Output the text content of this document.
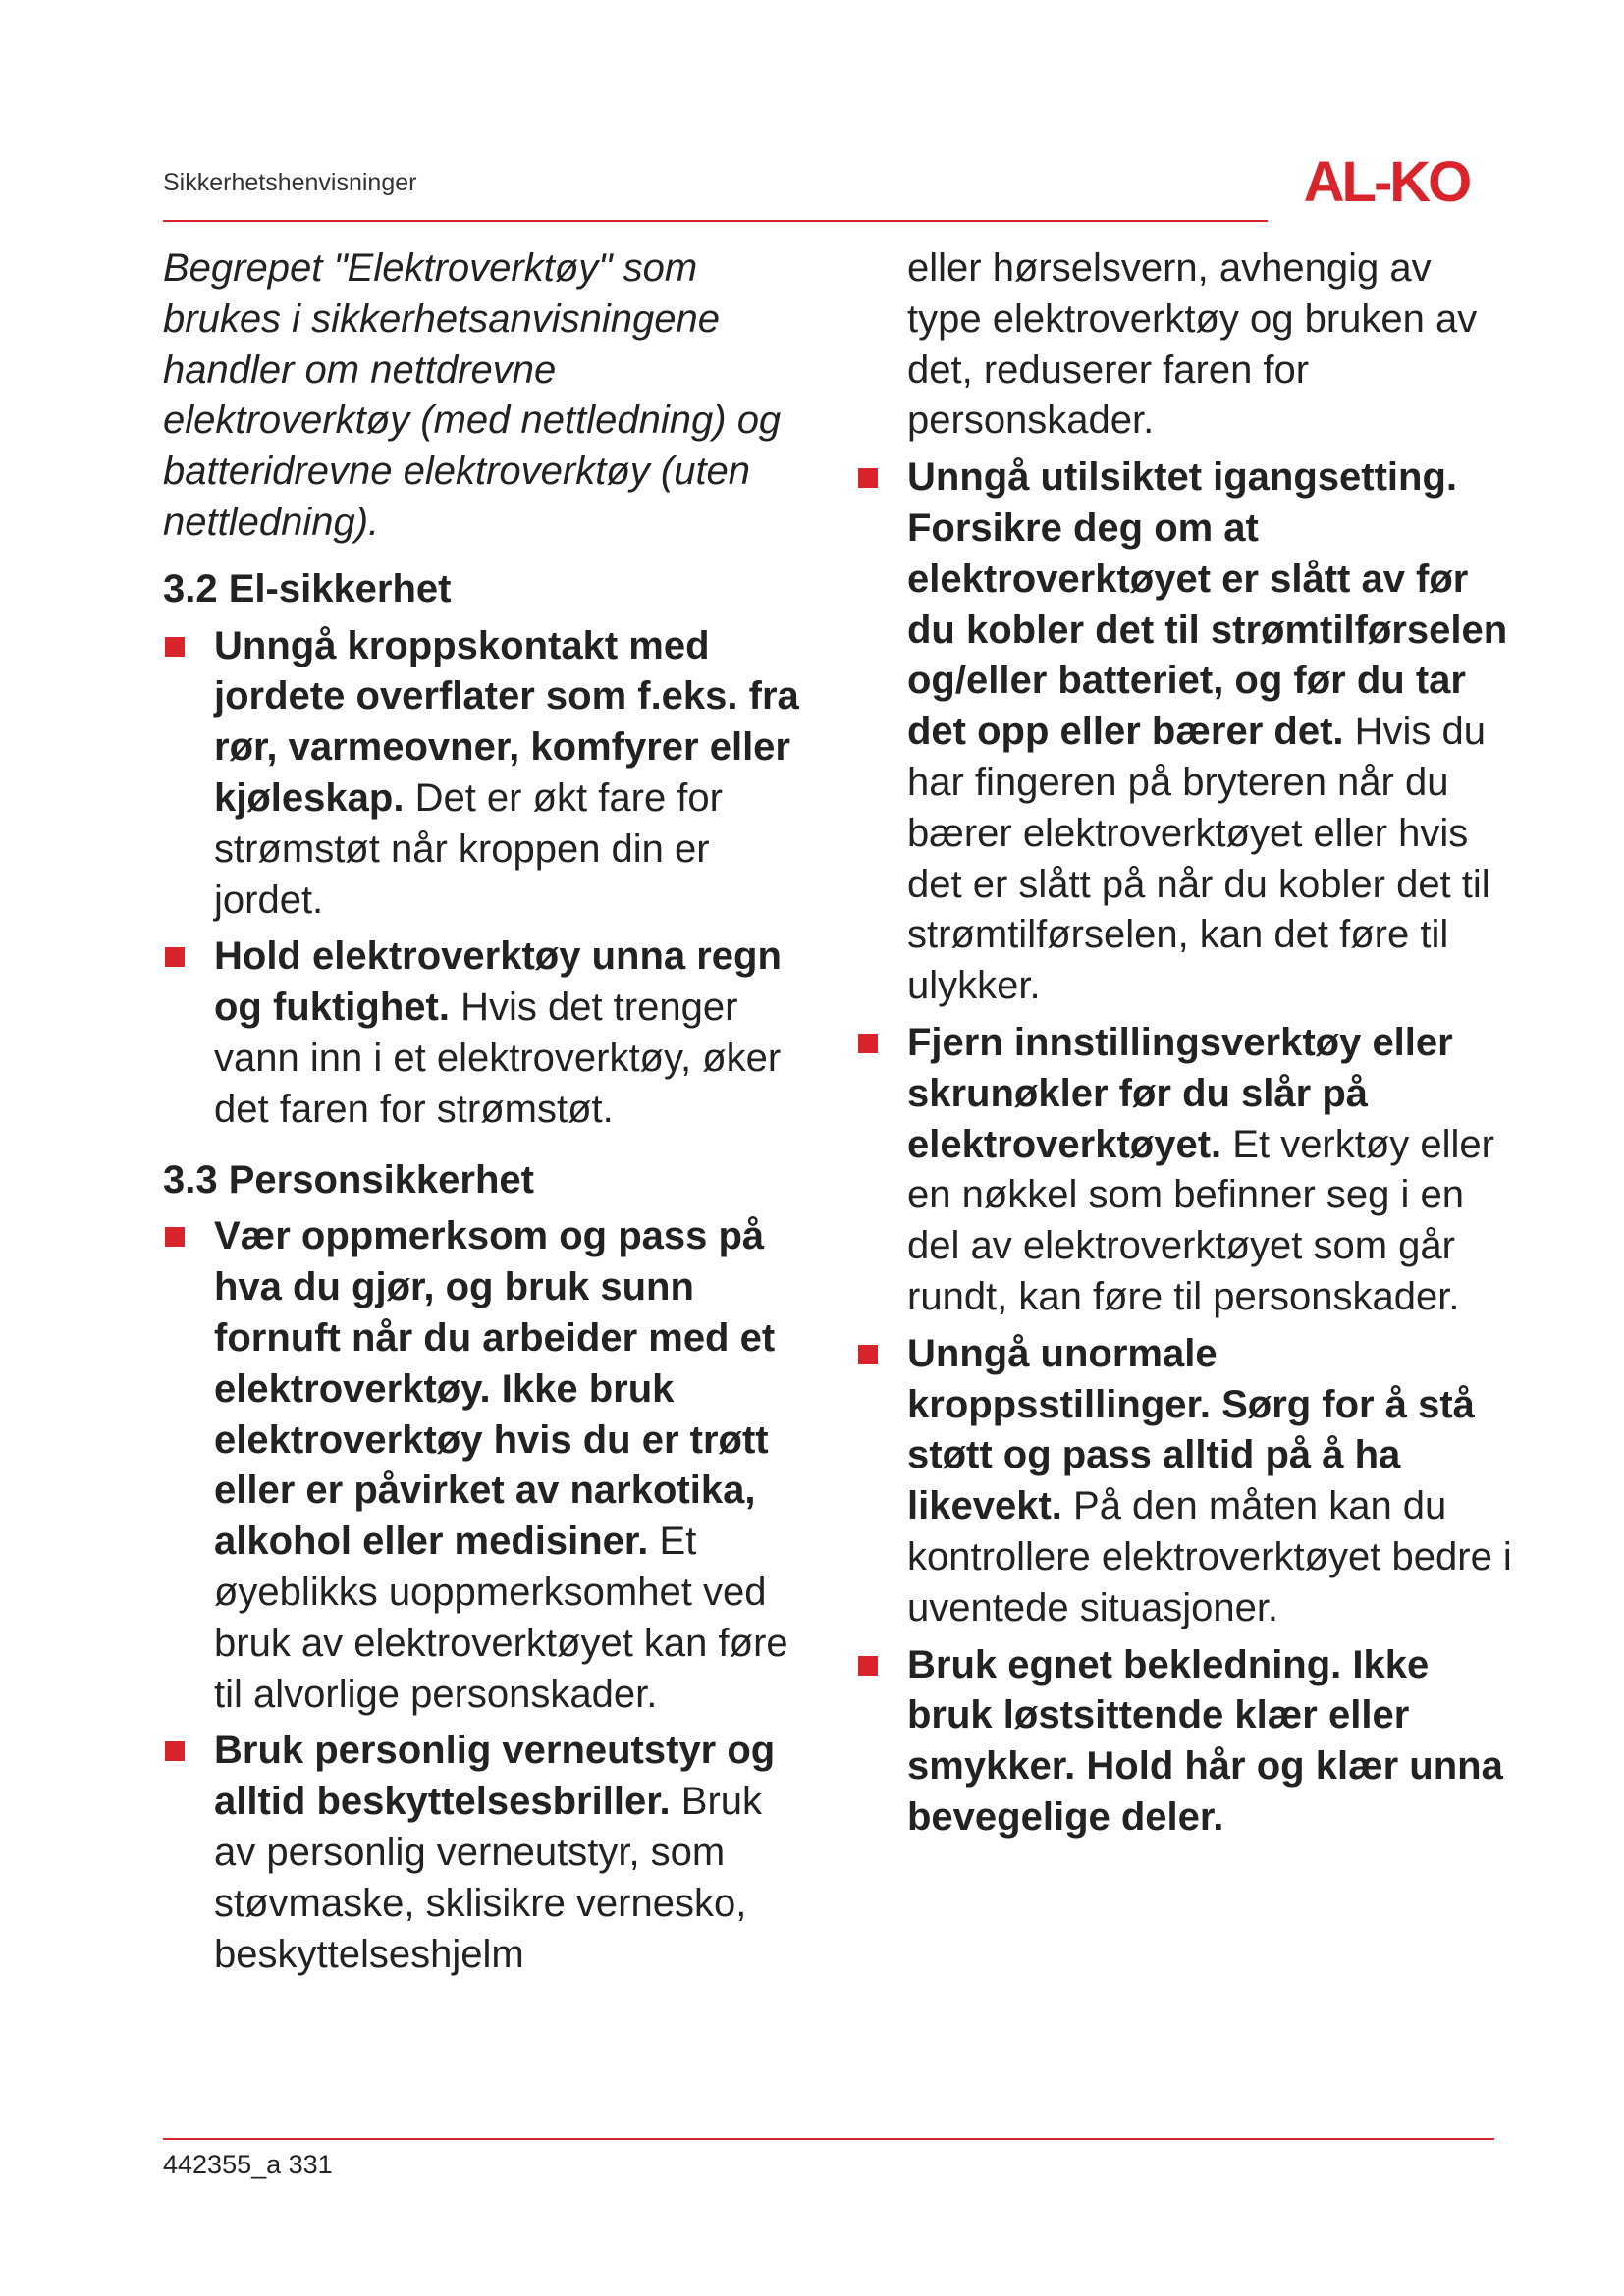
Sikkerhetshenvisninger	AL-KO

Begrepet "Elektroverktøy" som brukes i sikkerhetsanvisningene handler om nettdrevne elektroverktøy (med nettledning) og batteridrevne elektroverktøy (uten nettledning).

3.2 El-sikkerhet

Unngå kroppskontakt med jordete overflater som f.eks. fra rør, varmeovner, komfyrer eller kjøleskap. Det er økt fare for strømstøt når kroppen din er jordet.
Hold elektroverktøy unna regn og fuktighet. Hvis det trenger vann inn i et elektroverktøy, øker det faren for strømstøt.

3.3 Personsikkerhet

Vær oppmerksom og pass på hva du gjør, og bruk sunn fornuft når du arbeider med et elektroverktøy. Ikke bruk elektroverktøy hvis du er trøtt eller er påvirket av narkotika, alkohol eller medisiner. Et øyeblikks uoppmerksomhet ved bruk av elektroverktøyet kan føre til alvorlige personskader.
Bruk personlig verneutstyr og alltid beskyttelsesbriller. Bruk av personlig verneutstyr, som støvmaske, sklisikre vernesko, beskyttelseshjelm

eller hørselsvern, avhengig av type elektroverktøy og bruken av det, reduserer faren for personskader.

Unngå utilsiktet igangsetting. Forsikre deg om at elektroverktøyet er slått av før du kobler det til strømtilførselen og/eller batteriet, og før du tar det opp eller bærer det. Hvis du har fingeren på bryteren når du bærer elektroverktøyet eller hvis det er slått på når du kobler det til strømtilførselen, kan det føre til ulykker.
Fjern innstillingsverktøy eller skrunøkler før du slår på elektroverktøyet. Et verktøy eller en nøkkel som befinner seg i en del av elektroverktøyet som går rundt, kan føre til personskader.
Unngå unormale kroppsstillinger. Sørg for å stå støtt og pass alltid på å ha likevekt. På den måten kan du kontrollere elektroverktøyet bedre i uventede situasjoner.
Bruk egnet bekledning. Ikke bruk løstsittende klær eller smykker. Hold hår og klær unna bevegelige deler.
442355_a 331
